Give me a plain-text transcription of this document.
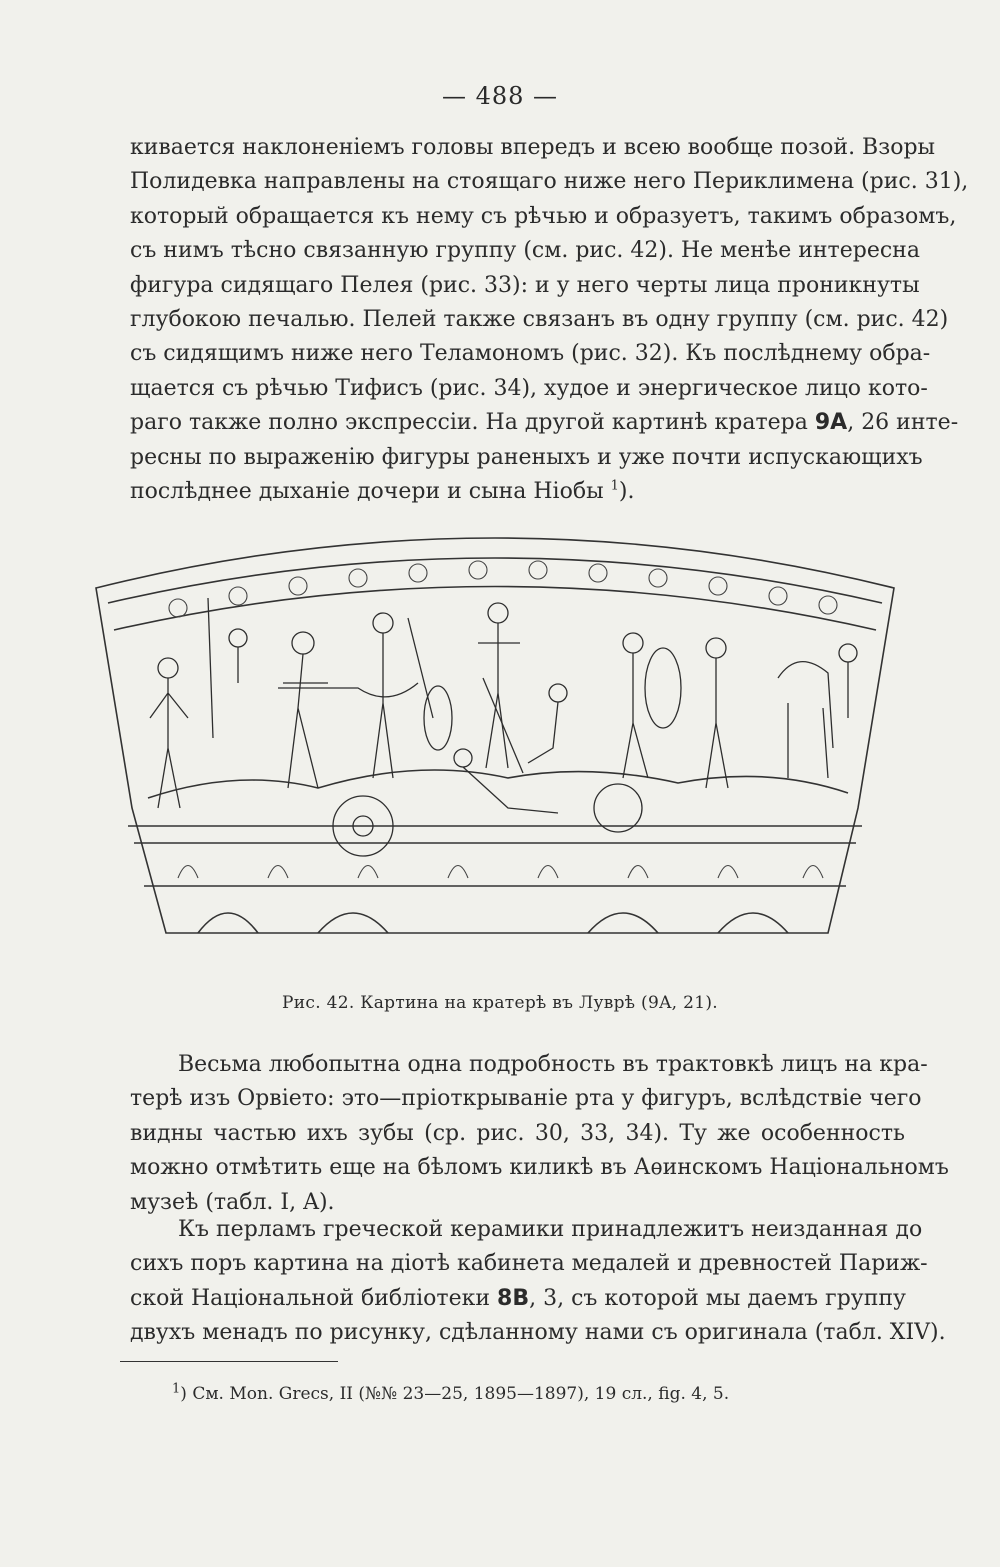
— 488 —
кивается наклоненіемъ головы впередъ и всею вообще позой. Взоры
Полидевка направлены на стоящаго ниже него Периклимена (рис. 31),
который обращается къ нему съ рѣчью и образуетъ, такимъ образомъ,
съ нимъ тѣсно связанную группу (см. рис. 42). Не менѣе интересна
фигура сидящаго Пелея (рис. 33): и у него черты лица проникнуты
глубокою печалью. Пелей также связанъ въ одну группу (см. рис. 42)
съ сидящимъ ниже него Теламономъ (рис. 32). Къ послѣднему обра-
щается съ рѣчью Тифисъ (рис. 34), худое и энергическое лицо кото-
раго также полно экспрессіи. На другой картинѣ кратера 9A, 26 инте-
ресны по выраженію фигуры раненыхъ и уже почти испускающихъ
послѣднее дыханіе дочери и сына Ніобы $^1$).
Рис. 42. Картина на кратерѣ въ Луврѣ (9A, 21).
Весьма любопытна одна подробность въ трактовкѣ лицъ на кра-
терѣ изъ Орвіето: это—пріоткрываніе рта у фигуръ, вслѣдствіе чего
видны частью ихъ зубы (ср. рис. 30, 33, 34). Ту же особенность
можно отмѣтить еще на бѣломъ киликѣ въ Аѳинскомъ Національномъ
музеѣ (табл. I, A).
Къ перламъ греческой керамики принадлежитъ неизданная до
сихъ поръ картина на діотѣ кабинета медалей и древностей Париж-
ской Національной библіотеки 8B, 3, съ которой мы даемъ группу
двухъ менадъ по рисунку, сдѣланному нами съ оригинала (табл. XIV).
$^1$) См. Mon. Grecs, II (№№ 23—25, 1895—1897), 19 сл., fig. 4, 5.
